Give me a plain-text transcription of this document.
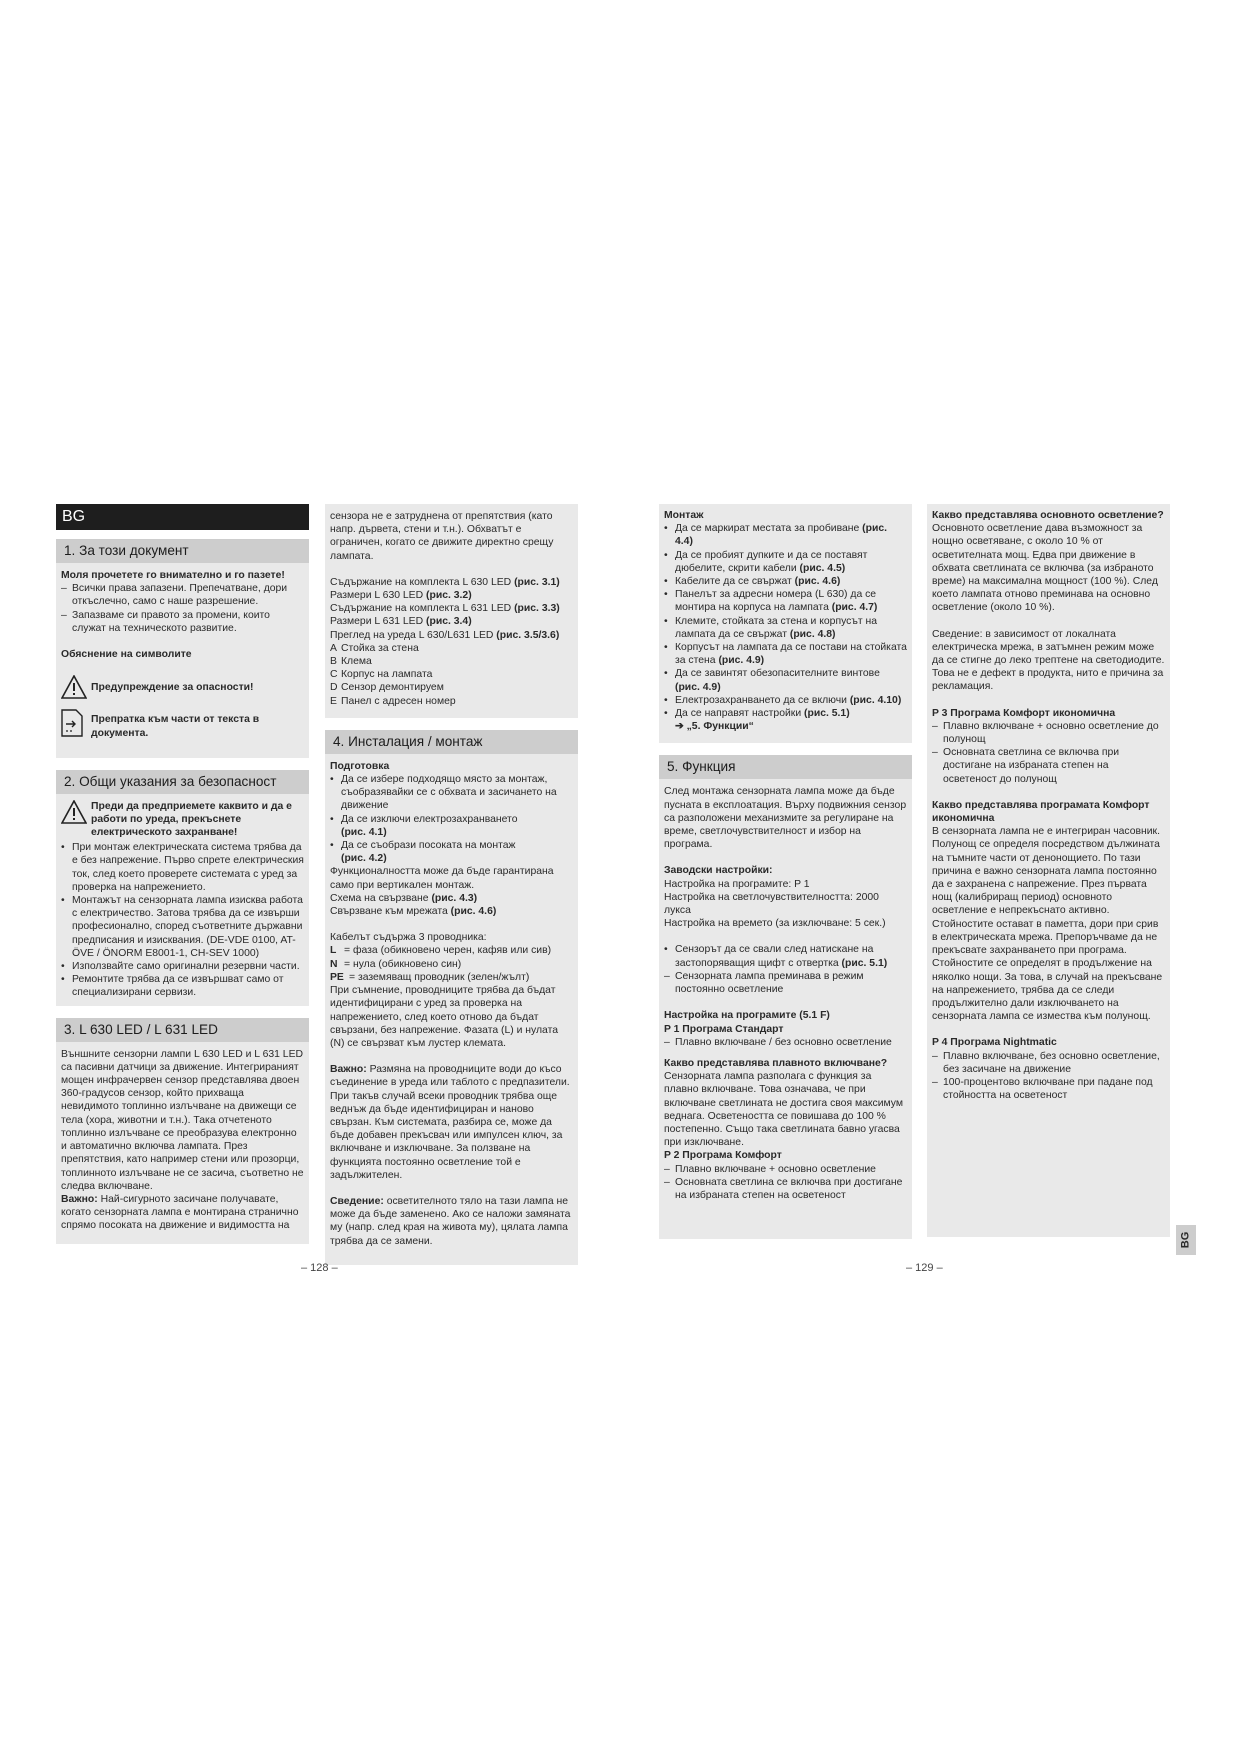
BG
1. За този документ

Моля прочетете го внимателно и го пазете!

– Всички права запазени. Препечатване, дори откъслечно, само с наше разрешение.
– Запазваме си правото за промени, които служат на техническото развитие.

Обяснение на символите

Предупреждение за опасности!
Препратка към части от текста в документа.
2. Общи указания за безопасност
Преди да предприемете каквито и да е работи по уреда, прекъснете електрическото захранване!
• При монтаж електрическата система трябва да е без напрежение. Първо спрете електрическия ток, след което проверете системата с уред за проверка на напрежението.
• Монтажът на сензорната лампа изисква работа с електричество. Затова трябва да се извърши професионално, според съответните държавни предписания и изисквания. (DE-VDE 0100, AT-ÖVE / ÖNORM E8001-1, CH-SEV 1000)
• Използвайте само оригинални резервни части.
• Ремонтите трябва да се извършват само от специализирани сервизи.
3. L 630 LED / L 631 LED

Външните сензорни лампи L 630 LED и L 631 LED са пасивни датчици за движение. Интегрираният мощен инфрачервен сензор представлява двоен 360-градусов сензор, който прихваща невидимото топлинно излъчване на движещи се тела (хора, животни и т.н.). Така отчетеното топлинно излъчване се преобразува електронно и автоматично включва лампата. През препятствия, като например стени или прозорци, топлинното излъчване не се засича, съответно не следва включване.

Важно: Най-сигурното засичане получавате, когато сензорната лампа е монтирана странично спрямо посоката на движение и видимостта на

сензора не е затруднена от препятствия (като напр. дървета, стени и т.н.). Обхватът е ограничен, когато се движите директно срещу лампата.

Съдържание на комплекта L 630 LED (рис. 3.1)

Размери L 630 LED (рис. 3.2)

Съдържание на комплекта L 631 LED (рис. 3.3)

Размери L 631 LED (рис. 3.4)

Преглед на уреда L 630/L631 LED (рис. 3.5/3.6)

A Стойка за стена
B Клема
C Корпус на лампата
D Сензор демонтируем
E Панел с адресен номер
4. Инсталация / монтаж

Подготовка

• Да се избере подходящо място за монтаж, съобразявайки се с обхвата и засичането на движение
• Да се изключи електрозахранването
(рис. 4.1)
• Да се съобрази посоката на монтаж
(рис. 4.2)

Функционалността може да бъде гарантирана само при вертикален монтаж.

Схема на свързване (рис. 4.3)

Свързване към мрежата (рис. 4.6)

Кабелът съдържа 3 проводника:

L = фаза (обикновено черен, кафяв или сив)
N = нула (обикновено син)
PE = заземяващ проводник (зелен/жълт)

При съмнение, проводниците трябва да бъдат идентифицирани с уред за проверка на напрежението, след което отново да бъдат свързани, без напрежение. Фазата (L) и нулата (N) се свързват към лустер клемата.

Важно: Размяна на проводниците води до късо съединение в уреда или таблото с предпазители. При такъв случай всеки проводник трябва още веднъж да бъде идентифициран и наново свързан. Към системата, разбира се, може да бъде добавен прекъсвач или импулсен ключ, за включване и изключване. За ползване на функцията постоянно осветление той е задължителен.

Сведение: осветителното тяло на тази лампа не може да бъде заменено. Ако се наложи замяната му (напр. след края на живота му), цялата лампа трябва да се замени.

– 128 –

Монтаж

• Да се маркират местата за пробиване (рис. 4.4)
• Да се пробият дупките и да се поставят дюбелите, скрити кабели (рис. 4.5)
• Кабелите да се свържат (рис. 4.6)
• Панелът за адресни номера (L 630) да се монтира на корпуса на лампата (рис. 4.7)
• Клемите, стойката за стена и корпусът на лампата да се свържат (рис. 4.8)
• Корпусът на лампата да се постави на стойката за стена (рис. 4.9)
• Да се завинтят обезопасителните винтове (рис. 4.9)
• Електрозахранването да се включи (рис. 4.10)
• Да се направят настройки (рис. 5.1)
➔ „5. Функции“
5. Функция

След монтажа сензорната лампа може да бъде пусната в експлоатация. Върху подвижния сензор са разположени механизмите за регулиране на време, светлочувствителност и избор на програма.

Заводски настройки:

Настройка на програмите: P 1

Настройка на светлочувствителността: 2000 лукса

Настройка на времето (за изключване: 5 сек.)

• Сензорът да се свали след натискане на застопоряващия щифт с отвертка (рис. 5.1)
– Сензорната лампа преминава в режим постоянно осветление

Настройка на програмите (5.1 F)

P 1 Програма Стандарт

– Плавно включване / без основно осветление

Какво представлява плавното включване?

Сензорната лампа разполага с функция за плавно включване. Това означава, че при включване светлината не достига своя максимум веднага. Осветеността се повишава до 100 % постепенно. Също така светлината бавно угасва при изключване.

P 2 Програма Комфорт

– Плавно включване + основно осветление
– Основната светлина се включва при достигане на избраната степен на осветеност

Какво представлява основното осветление?

Основното осветление дава възможност за нощно осветяване, с около 10 % от осветителната мощ. Едва при движение в обхвата светлината се включва (за избраното време) на максимална мощност (100 %). След което лампата отново преминава на основно осветление (около 10 %).

Сведение: в зависимост от локалната електрическа мрежа, в затъмнен режим може да се стигне до леко трептене на светодиодите. Това не е дефект в продукта, нито е причина за рекламация.

P 3 Програма Комфорт икономична

– Плавно включване + основно осветление до полунощ
– Основната светлина се включва при достигане на избраната степен на осветеност до полунощ

Какво представлява програмата Комфорт икономична

В сензорната лампа не е интегриран часовник. Полунощ се определя посредством дължината на тъмните части от денонощието. По тази причина е важно сензорната лампа постоянно да е захранена с напрежение. През първата нощ (калибриращ период) основното осветление е непрекъснато активно. Стойностите остават в паметта, дори при срив в електрическата мрежа. Препоръчваме да не прекъсвате захранването при програма. Стойностите се определят в продължение на няколко нощи. За това, в случай на прекъсване на напрежението, трябва да се следи продължително дали изключването на сензорната лампа се измества към полунощ.

P 4 Програма Nightmatic

– Плавно включване, без основно осветление, без засичане на движение
– 100-процентово включване при падане под стойността на осветеност
BG
– 129 –
